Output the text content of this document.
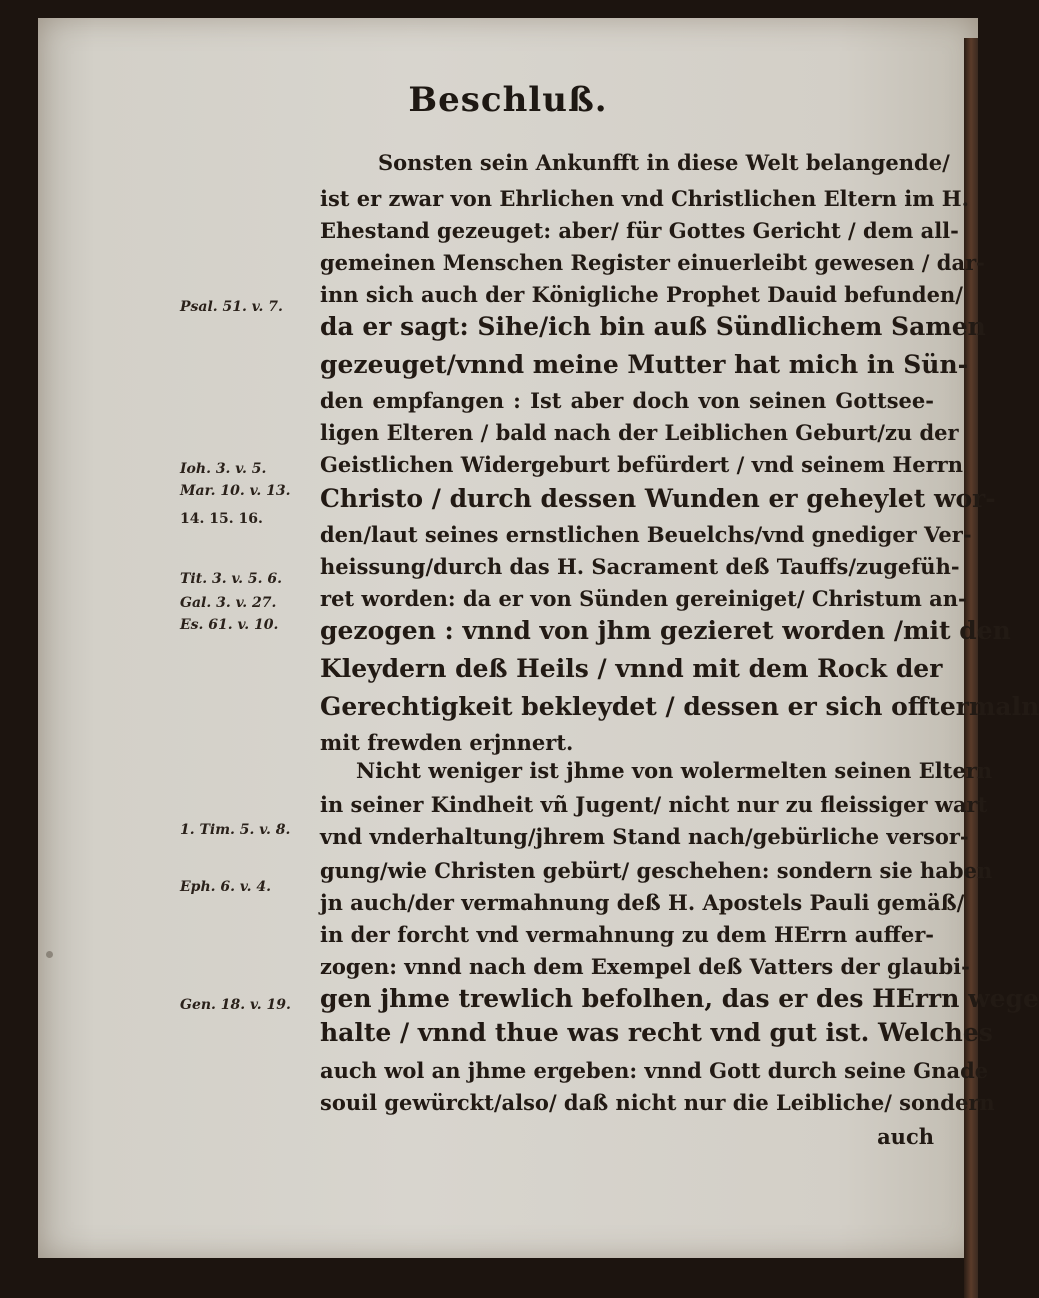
Beschluß.
Sonsten sein Ankunfft in diese Welt belangende/
ist er zwar von Ehrlichen vnd Christlichen Eltern im H.
Ehestand gezeuget: aber/ für Gottes Gericht / dem all-
gemeinen Menschen Register einuerleibt gewesen / dar-
inn sich auch der Königliche Prophet Dauid befunden/
da er sagt: Sihe/ich bin auß Sündlichem Samen
gezeuget/vnnd meine Mutter hat mich in Sün-
den empfangen : Ist aber doch von seinen Gottsee-
ligen Elteren / bald nach der Leiblichen Geburt/zu der
Geistlichen Widergeburt befürdert / vnd seinem Herrn
Christo / durch dessen Wunden er geheylet wor-
den/laut seines ernstlichen Beuelchs/vnd gnediger Ver-
heissung/durch das H. Sacrament deß Tauffs/zugefüh-
ret worden: da er von Sünden gereiniget/ Christum an-
gezogen : vnnd von jhm gezieret worden /mit den
Kleydern deß Heils / vnnd mit dem Rock der
Gerechtigkeit bekleydet / dessen er sich offtermaln
mit frewden erjnnert.
Nicht weniger ist jhme von wolermelten seinen Eltern
in seiner Kindheit vñ Jugent/ nicht nur zu fleissiger wart
vnd vnderhaltung/jhrem Stand nach/gebürliche versor-
gung/wie Christen gebürt/ geschehen: sondern sie haben
jn auch/der vermahnung deß H. Apostels Pauli gemäß/
in der forcht vnd vermahnung zu dem HErrn auffer-
zogen: vnnd nach dem Exempel deß Vatters der glaubi-
gen jhme trewlich befolhen, das er des HErrn wege
halte / vnnd thue was recht vnd gut ist. Welches
auch wol an jhme ergeben: vnnd Gott durch seine Gnade
souil gewürckt/also/ daß nicht nur die Leibliche/ sondern
auch
Psal. 51. v. 7.
Ioh. 3. v. 5.
Mar. 10. v. 13.
14. 15. 16.
Tit. 3. v. 5. 6.
Gal. 3. v. 27.
Es. 61. v. 10.
1. Tim. 5. v. 8.
Eph. 6. v. 4.
Gen. 18. v. 19.
